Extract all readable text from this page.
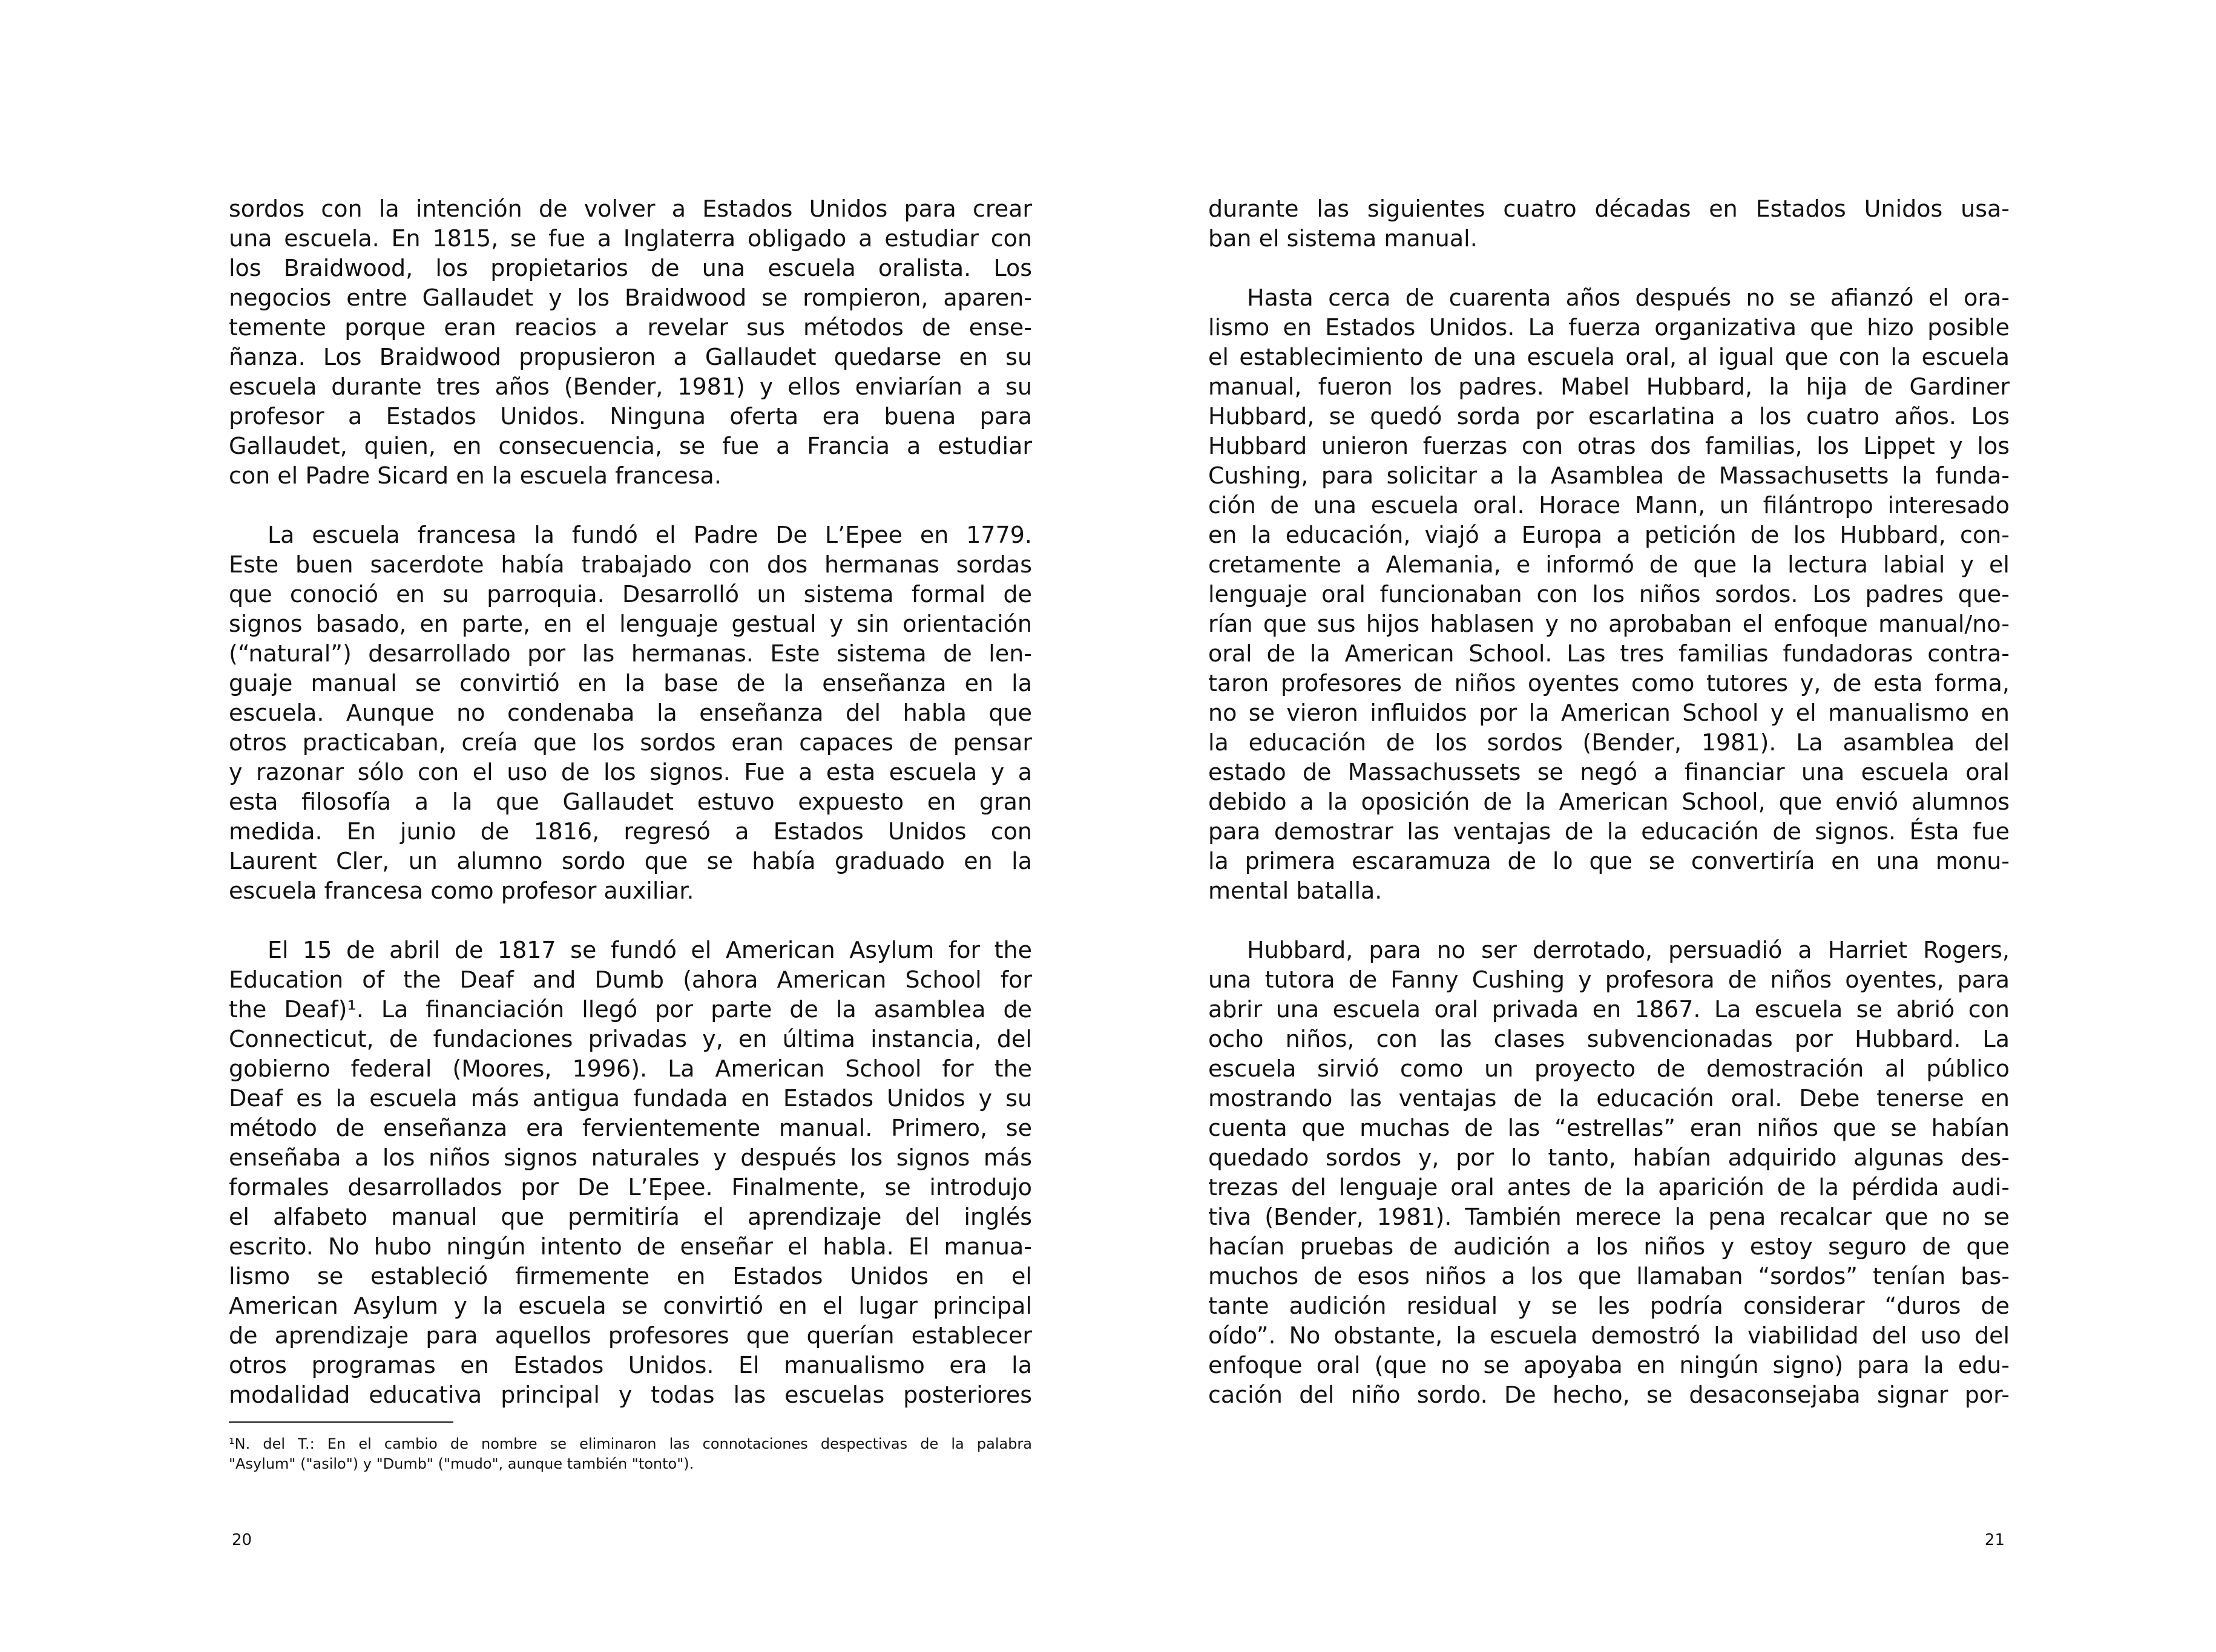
sordos con la intención de volver a Estados Unidos para crear
una escuela. En 1815, se fue a Inglaterra obligado a estudiar con
los Braidwood, los propietarios de una escuela oralista. Los
negocios entre Gallaudet y los Braidwood se rompieron, aparen-
temente porque eran reacios a revelar sus métodos de ense-
ñanza. Los Braidwood propusieron a Gallaudet quedarse en su
escuela durante tres años (Bender, 1981) y ellos enviarían a su
profesor a Estados Unidos. Ninguna oferta era buena para
Gallaudet, quien, en consecuencia, se fue a Francia a estudiar
con el Padre Sicard en la escuela francesa.
La escuela francesa la fundó el Padre De L’Epee en 1779.
Este buen sacerdote había trabajado con dos hermanas sordas
que conoció en su parroquia. Desarrolló un sistema formal de
signos basado, en parte, en el lenguaje gestual y sin orientación
(“natural”) desarrollado por las hermanas. Este sistema de len-
guaje manual se convirtió en la base de la enseñanza en la
escuela. Aunque no condenaba la enseñanza del habla que
otros practicaban, creía que los sordos eran capaces de pensar
y razonar sólo con el uso de los signos. Fue a esta escuela y a
esta filosofía a la que Gallaudet estuvo expuesto en gran
medida. En junio de 1816, regresó a Estados Unidos con
Laurent Cler, un alumno sordo que se había graduado en la
escuela francesa como profesor auxiliar.
El 15 de abril de 1817 se fundó el American Asylum for the
Education of the Deaf and Dumb (ahora American School for
the Deaf)¹. La financiación llegó por parte de la asamblea de
Connecticut, de fundaciones privadas y, en última instancia, del
gobierno federal (Moores, 1996). La American School for the
Deaf es la escuela más antigua fundada en Estados Unidos y su
método de enseñanza era fervientemente manual. Primero, se
enseñaba a los niños signos naturales y después los signos más
formales desarrollados por De L’Epee. Finalmente, se introdujo
el alfabeto manual que permitiría el aprendizaje del inglés
escrito. No hubo ningún intento de enseñar el habla. El manua-
lismo se estableció firmemente en Estados Unidos en el
American Asylum y la escuela se convirtió en el lugar principal
de aprendizaje para aquellos profesores que querían establecer
otros programas en Estados Unidos. El manualismo era la
modalidad educativa principal y todas las escuelas posteriores
durante las siguientes cuatro décadas en Estados Unidos usa-
ban el sistema manual.
Hasta cerca de cuarenta años después no se afianzó el ora-
lismo en Estados Unidos. La fuerza organizativa que hizo posible
el establecimiento de una escuela oral, al igual que con la escuela
manual, fueron los padres. Mabel Hubbard, la hija de Gardiner
Hubbard, se quedó sorda por escarlatina a los cuatro años. Los
Hubbard unieron fuerzas con otras dos familias, los Lippet y los
Cushing, para solicitar a la Asamblea de Massachusetts la funda-
ción de una escuela oral. Horace Mann, un filántropo interesado
en la educación, viajó a Europa a petición de los Hubbard, con-
cretamente a Alemania, e informó de que la lectura labial y el
lenguaje oral funcionaban con los niños sordos. Los padres que-
rían que sus hijos hablasen y no aprobaban el enfoque manual/no-
oral de la American School. Las tres familias fundadoras contra-
taron profesores de niños oyentes como tutores y, de esta forma,
no se vieron influidos por la American School y el manualismo en
la educación de los sordos (Bender, 1981). La asamblea del
estado de Massachussets se negó a financiar una escuela oral
debido a la oposición de la American School, que envió alumnos
para demostrar las ventajas de la educación de signos. Ésta fue
la primera escaramuza de lo que se convertiría en una monu-
mental batalla.
Hubbard, para no ser derrotado, persuadió a Harriet Rogers,
una tutora de Fanny Cushing y profesora de niños oyentes, para
abrir una escuela oral privada en 1867. La escuela se abrió con
ocho niños, con las clases subvencionadas por Hubbard. La
escuela sirvió como un proyecto de demostración al público
mostrando las ventajas de la educación oral. Debe tenerse en
cuenta que muchas de las “estrellas” eran niños que se habían
quedado sordos y, por lo tanto, habían adquirido algunas des-
trezas del lenguaje oral antes de la aparición de la pérdida audi-
tiva (Bender, 1981). También merece la pena recalcar que no se
hacían pruebas de audición a los niños y estoy seguro de que
muchos de esos niños a los que llamaban “sordos” tenían bas-
tante audición residual y se les podría considerar “duros de
oído”. No obstante, la escuela demostró la viabilidad del uso del
enfoque oral (que no se apoyaba en ningún signo) para la edu-
cación del niño sordo. De hecho, se desaconsejaba signar por-
¹N. del T.: En el cambio de nombre se eliminaron las connotaciones despectivas de la palabra
"Asylum" ("asilo") y "Dumb" ("mudo", aunque también "tonto").
20	21
